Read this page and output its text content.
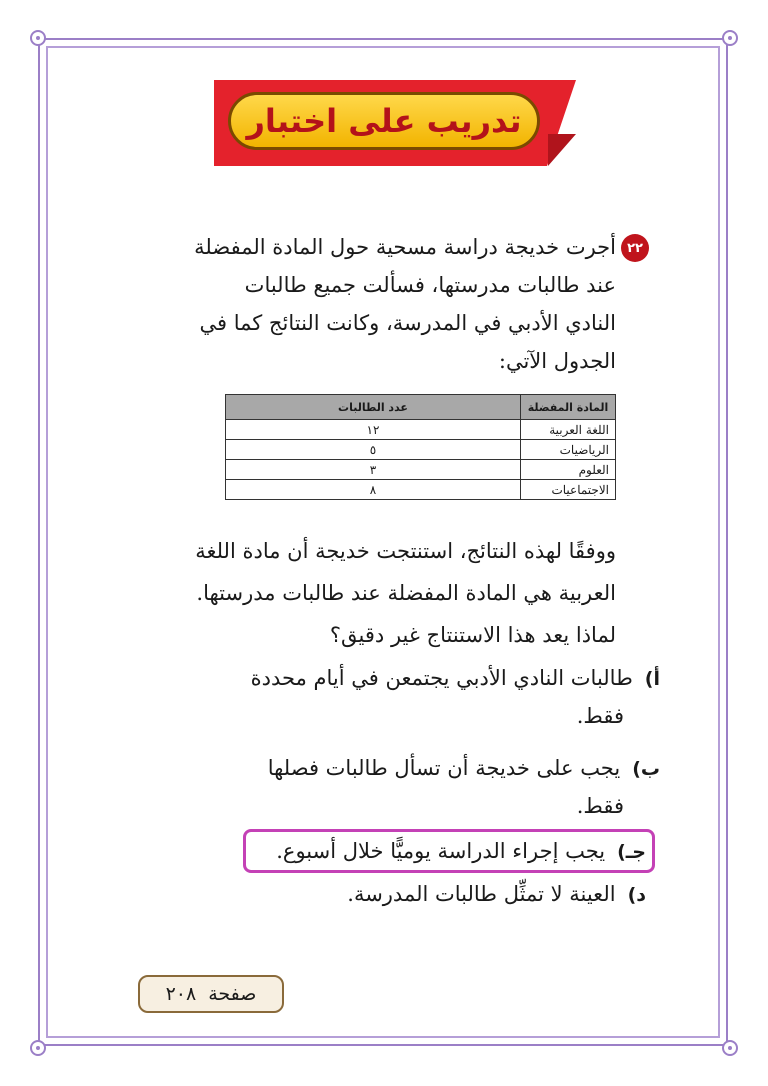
تدريب على اختبار
٢٢
أجرت خديجة دراسة مسحية حول المادة المفضلة
عند طالبات مدرستها، فسألت جميع طالبات
النادي الأدبي في المدرسة، وكانت النتائج كما في
الجدول الآتي:
المادة المفضلة	عدد الطالبات
اللغة العربية	١٢
الرياضيات	٥
العلوم	٣
الاجتماعيات	٨
ووفقًا لهذه النتائج، استنتجت خديجة أن مادة اللغة
العربية هي المادة المفضلة عند طالبات مدرستها.
لماذا يعد هذا الاستنتاج غير دقيق؟
أ)طالبات النادي الأدبي يجتمعن في أيام محددة
فقط.
ب)يجب على خديجة أن تسأل طالبات فصلها
فقط.
جـ)يجب إجراء الدراسة يوميًّا خلال أسبوع.
د)العينة لا تمثِّل طالبات المدرسة.
صفحة
٢٠٨
